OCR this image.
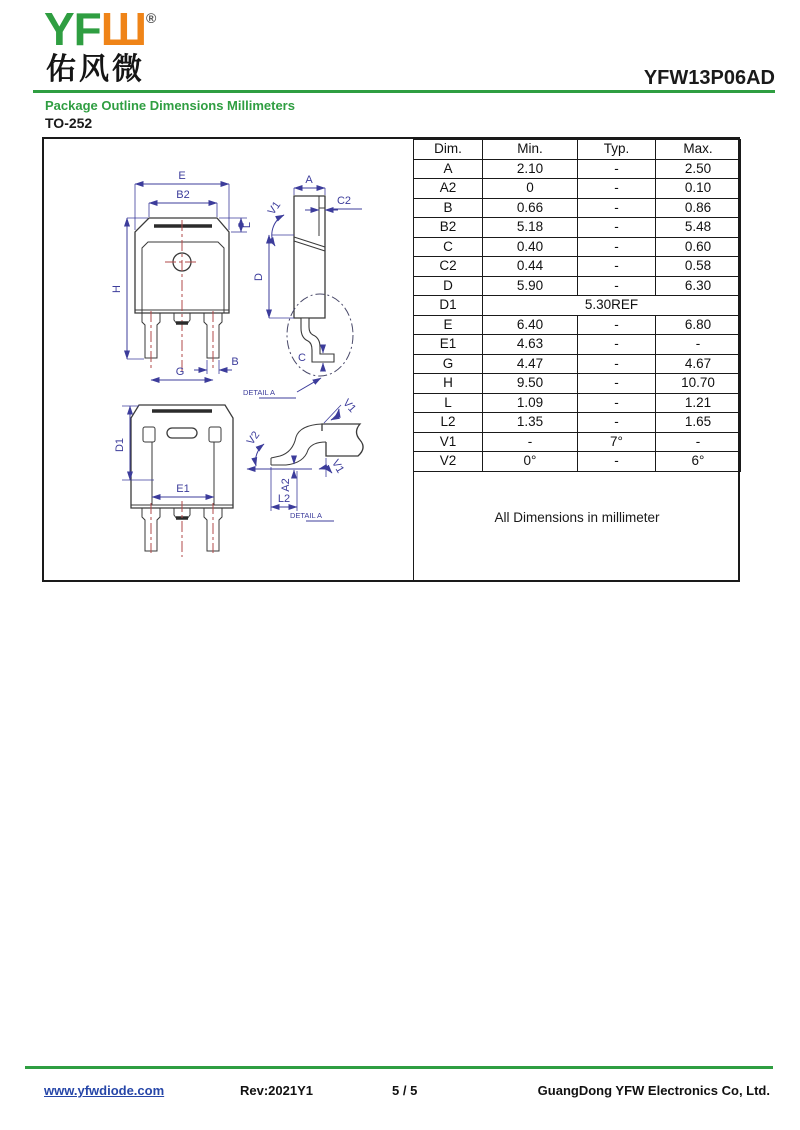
YFШ®
佑风微	YFW13P06AD
Package Outline Dimensions Millimeters
TO-252
E
B2
H
L
B
G
A
C2
V1
D
C
DETAIL A
D1
E1
V1
V2
V1
A2
L2
DETAIL A
Dim.	Min.	Typ.	Max.
A	2.10	-	2.50
A2	0	-	0.10
B	0.66	-	0.86
B2	5.18	-	5.48
C	0.40	-	0.60
C2	0.44	-	0.58
D	5.90	-	6.30
D1	5.30REF		
E	6.40	-	6.80
E1	4.63	-	-
G	4.47	-	4.67
H	9.50	-	10.70
L	1.09	-	1.21
L2	1.35	-	1.65
V1	-	7°	-
V2	0°	-	6°
All Dimensions in millimeter
www.yfwdiode.com	Rev:2021Y1	5 / 5	GuangDong YFW Electronics Co, Ltd.
